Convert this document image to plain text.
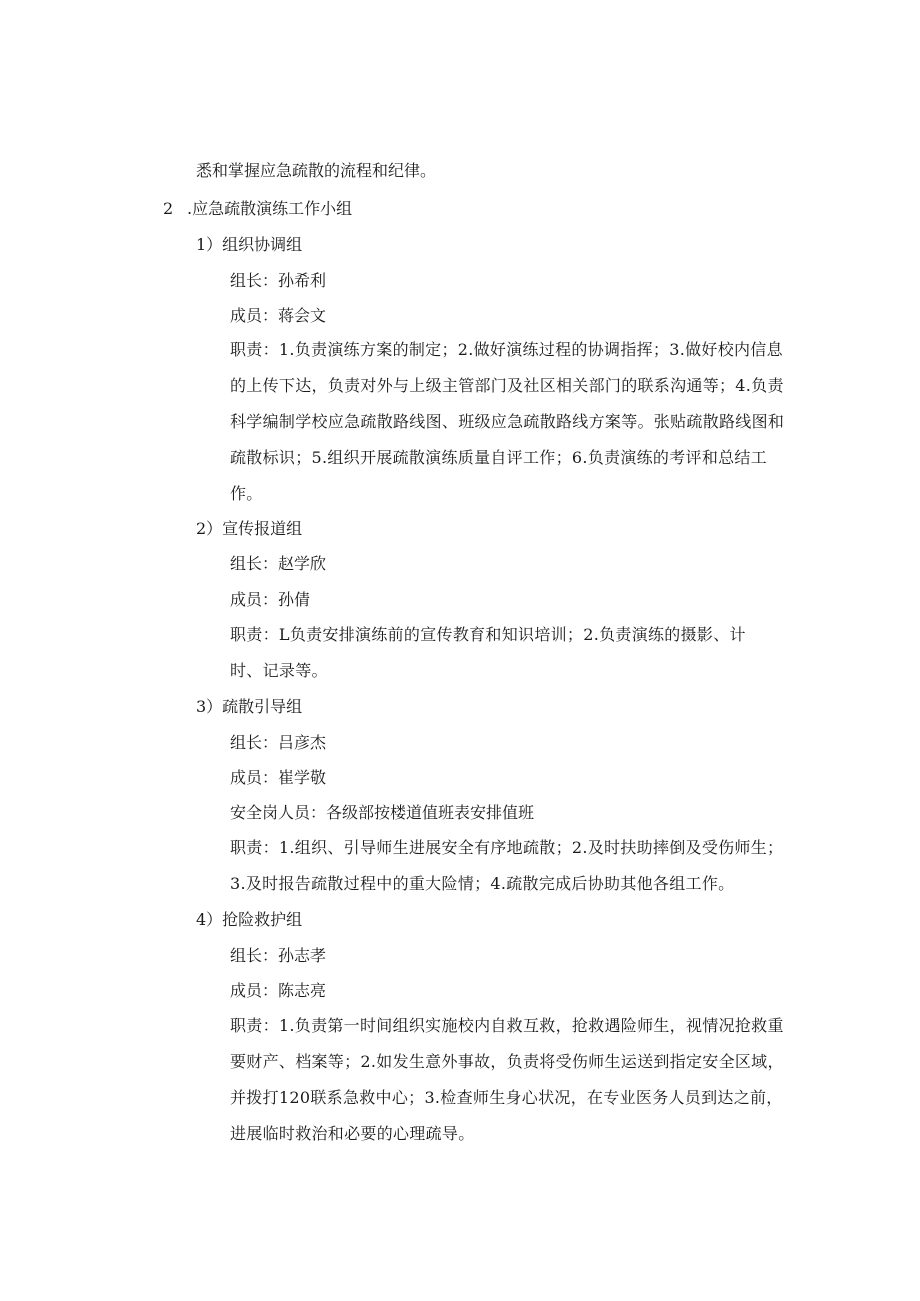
悉和掌握应急疏散的流程和纪律。
2 .应急疏散演练工作小组
1）组织协调组
组长：孙希利
成员：蒋会文
职责：1.负责演练方案的制定；2.做好演练过程的协调指挥；3.做好校内信息的上传下达，负责对外与上级主管部门及社区相关部门的联系沟通等；4.负责科学编制学校应急疏散路线图、班级应急疏散路线方案等。张贴疏散路线图和疏散标识；5.组织开展疏散演练质量自评工作；6.负责演练的考评和总结工作。
2）宣传报道组
组长：赵学欣
成员：孙倩
职责：L负责安排演练前的宣传教育和知识培训；2.负责演练的摄影、计时、记录等。
3）疏散引导组
组长：吕彦杰
成员：崔学敬
安全岗人员：各级部按楼道值班表安排值班
职责：1.组织、引导师生进展安全有序地疏散；2.及时扶助摔倒及受伤师生；3.及时报告疏散过程中的重大险情；4.疏散完成后协助其他各组工作。
4）抢险救护组
组长：孙志孝
成员：陈志亮
职责：1.负责第一时间组织实施校内自救互救，抢救遇险师生，视情况抢救重要财产、档案等；2.如发生意外事故，负责将受伤师生运送到指定安全区域，并拨打120联系急救中心；3.检查师生身心状况，在专业医务人员到达之前，进展临时救治和必要的心理疏导。
